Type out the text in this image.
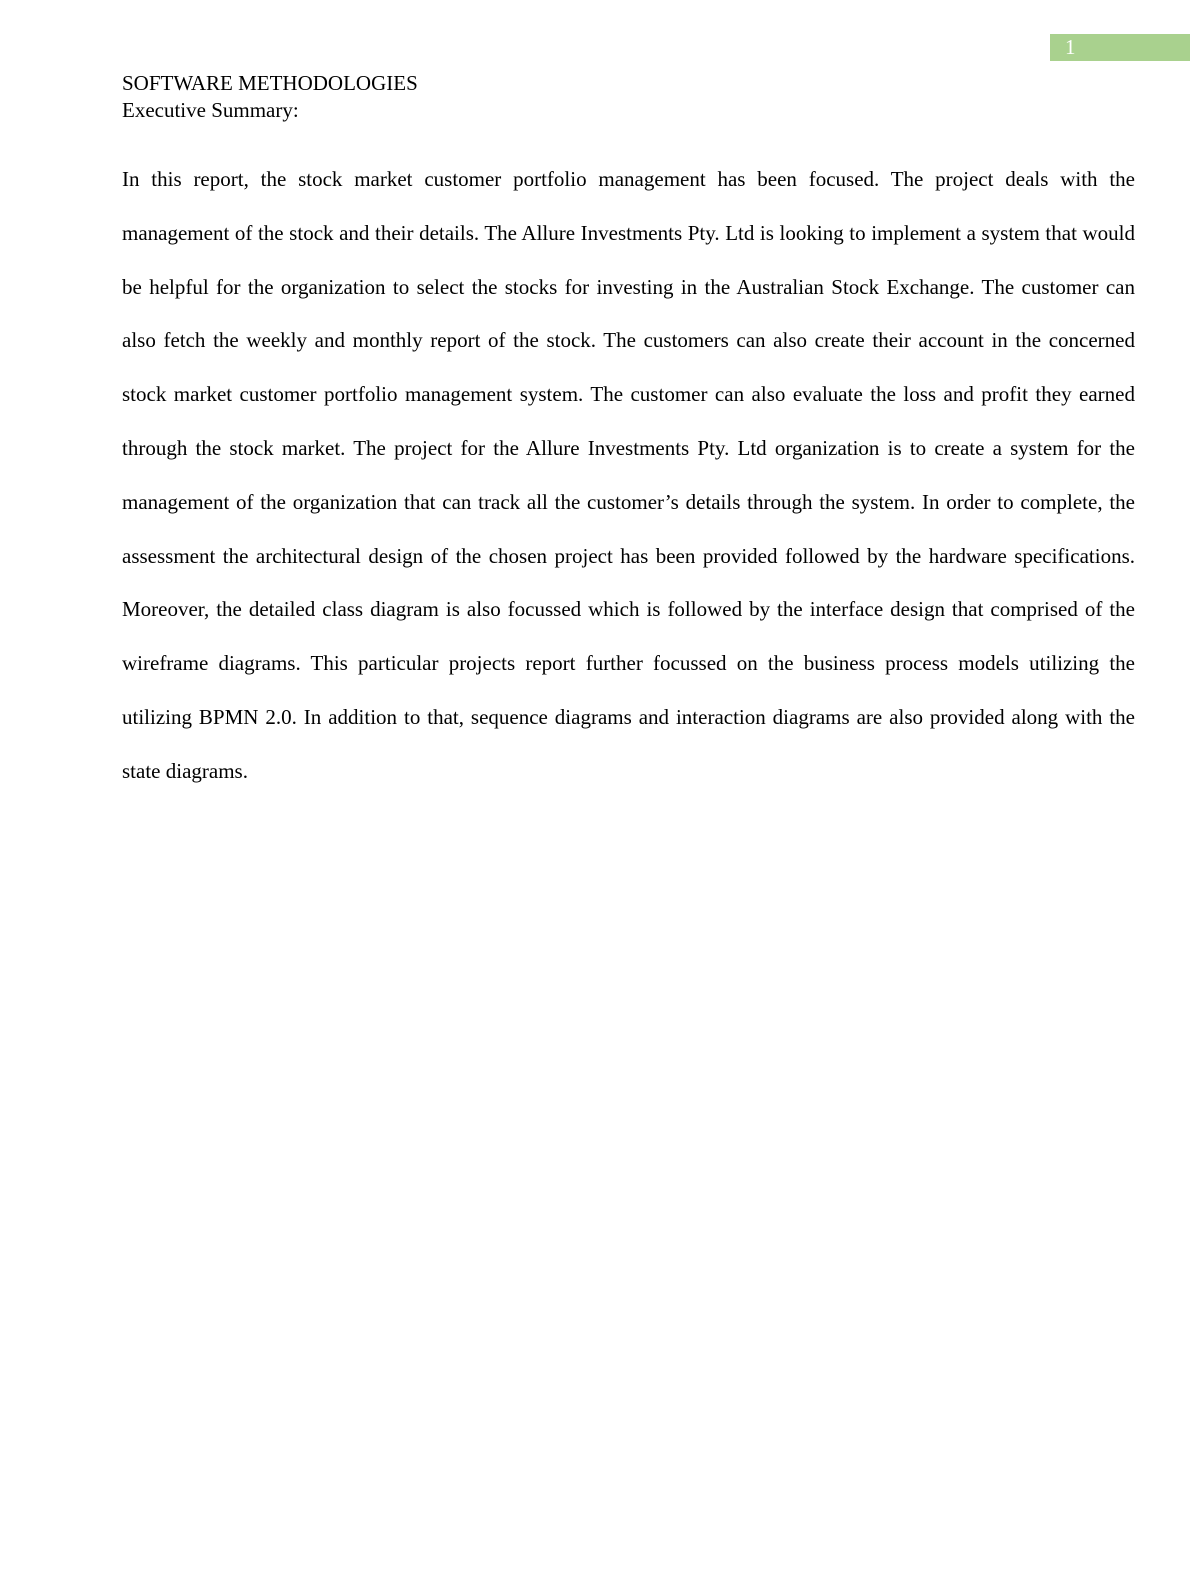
1
SOFTWARE METHODOLOGIES
Executive Summary:

In this report, the stock market customer portfolio management has been focused. The project deals with the management of the stock and their details. The Allure Investments Pty. Ltd is looking to implement a system that would be helpful for the organization to select the stocks for investing in the Australian Stock Exchange. The customer can also fetch the weekly and monthly report of the stock. The customers can also create their account in the concerned stock market customer portfolio management system. The customer can also evaluate the loss and profit they earned through the stock market. The project for the Allure Investments Pty. Ltd organization is to create a system for the management of the organization that can track all the customer’s details through the system. In order to complete, the assessment the architectural design of the chosen project has been provided followed by the hardware specifications. Moreover, the detailed class diagram is also focussed which is followed by the interface design that comprised of the wireframe diagrams. This particular projects report further focussed on the business process models utilizing the utilizing BPMN 2.0. In addition to that, sequence diagrams and interaction diagrams are also provided along with the state diagrams.
